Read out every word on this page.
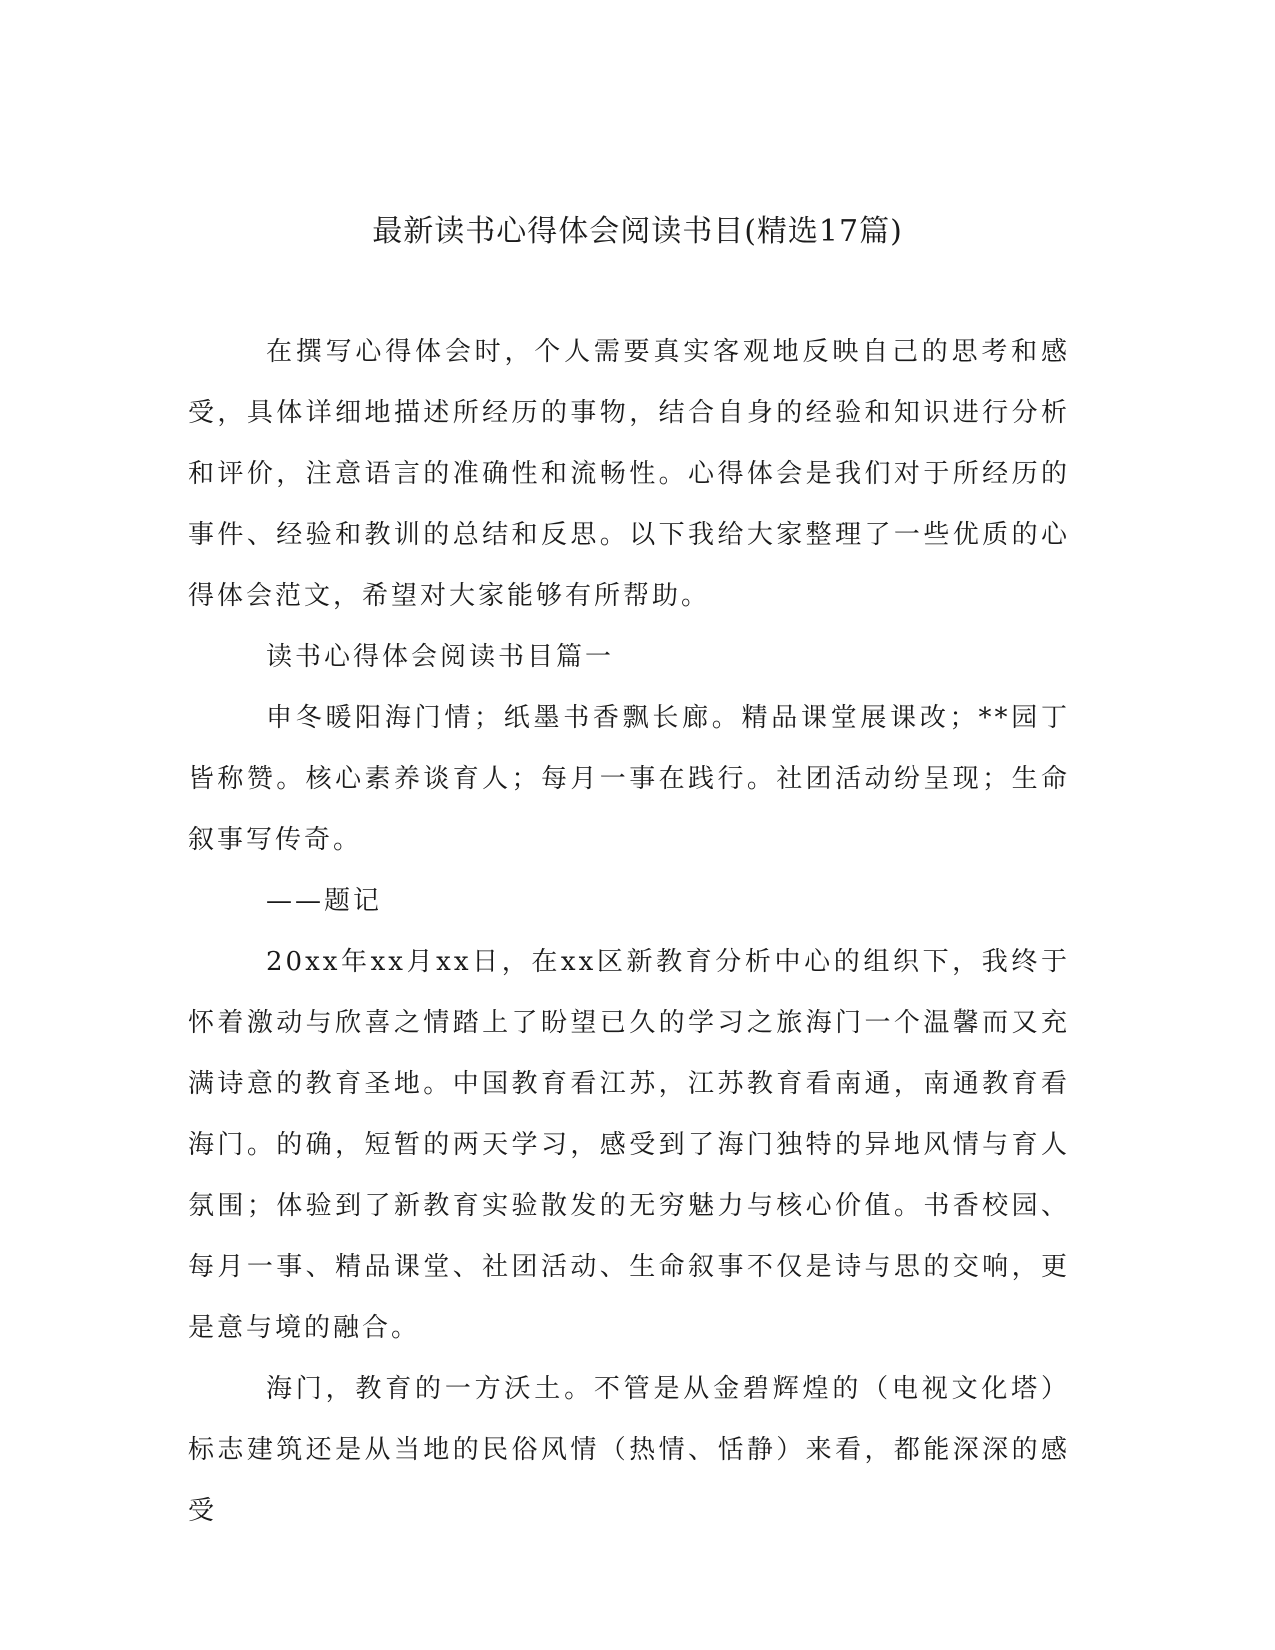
最新读书心得体会阅读书目(精选17篇)

在撰写心得体会时，个人需要真实客观地反映自己的思考和感受，具体详细地描述所经历的事物，结合自身的经验和知识进行分析和评价，注意语言的准确性和流畅性。心得体会是我们对于所经历的事件、经验和教训的总结和反思。以下我给大家整理了一些优质的心得体会范文，希望对大家能够有所帮助。

读书心得体会阅读书目篇一

申冬暖阳海门情；纸墨书香飘长廊。精品课堂展课改；**园丁皆称赞。核心素养谈育人；每月一事在践行。社团活动纷呈现；生命叙事写传奇。

——题记

20xx年xx月xx日，在xx区新教育分析中心的组织下，我终于怀着激动与欣喜之情踏上了盼望已久的学习之旅海门一个温馨而又充满诗意的教育圣地。中国教育看江苏，江苏教育看南通，南通教育看海门。的确，短暂的两天学习，感受到了海门独特的异地风情与育人氛围；体验到了新教育实验散发的无穷魅力与核心价值。书香校园、每月一事、精品课堂、社团活动、生命叙事不仅是诗与思的交响，更是意与境的融合。

海门，教育的一方沃土。不管是从金碧辉煌的（电视文化塔）标志建筑还是从当地的民俗风情（热情、恬静）来看，都能深深的感受
